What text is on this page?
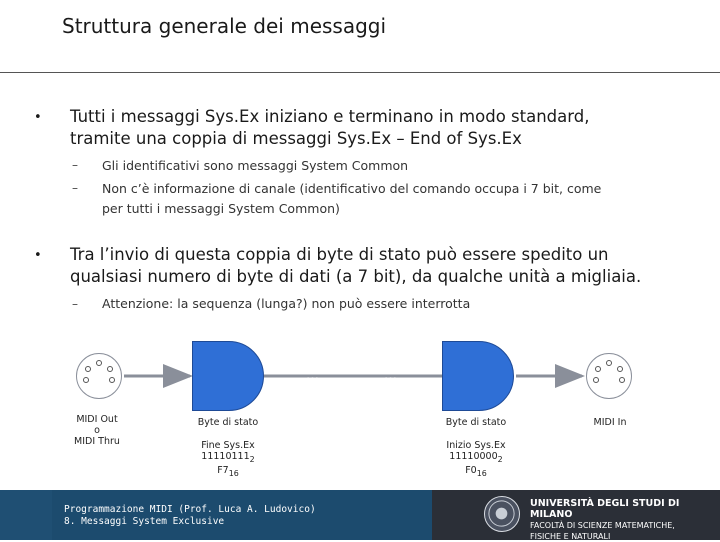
Struttura generale dei messaggi
• Tutti i messaggi Sys.Ex iniziano e terminano in modo standard,
tramite una coppia di messaggi Sys.Ex – End of Sys.Ex
– Gli identificativi sono messaggi System Common
– Non c’è informazione di canale (identificativo del comando occupa i 7 bit, come
per tutti i messaggi System Common)
• Tra l’invio di questa coppia di byte di stato può essere spedito un
qualsiasi numero di byte di dati (a 7 bit), da qualche unità a migliaia.
– Attenzione: la sequenza (lunga?) non può essere interrotta
MIDI Out
o
MIDI Thru
Byte di stato
Fine Sys.Ex
$11110111_2$
$F7_{16}$
…	…
Byte di stato
Inizio Sys.Ex
$11110000_2$
$F0_{16}$
MIDI In
Programmazione MIDI (Prof. Luca A. Ludovico)
8. Messaggi System Exclusive
UNIVERSITÀ DEGLI STUDI DI MILANO
FACOLTÀ DI SCIENZE MATEMATICHE,
FISICHE E NATURALI
